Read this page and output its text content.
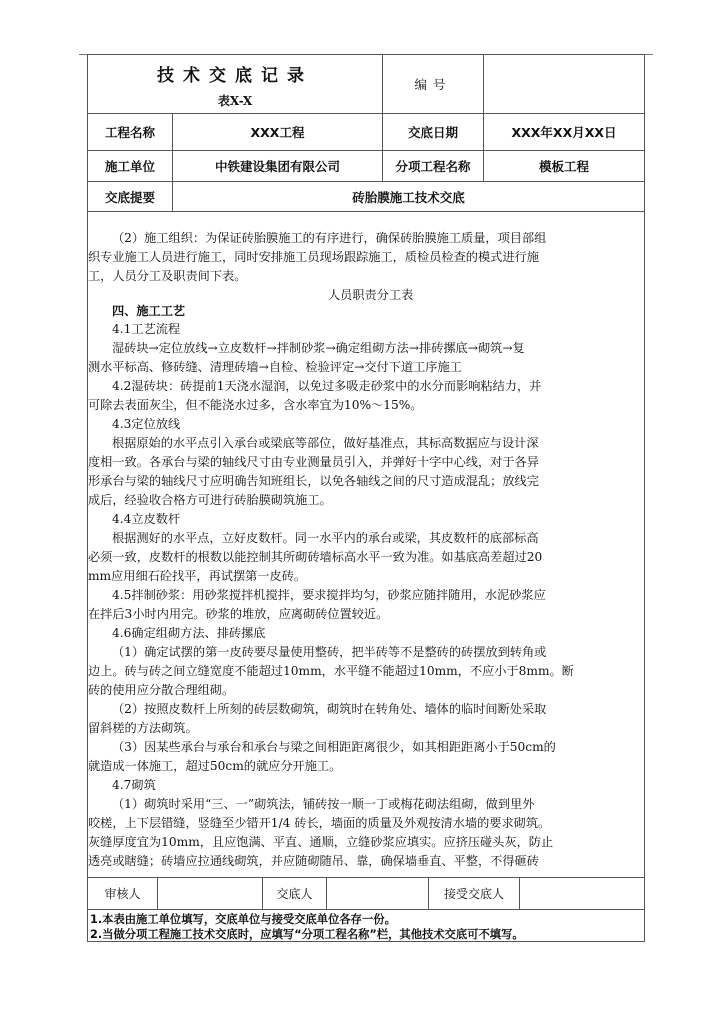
技术交底记录
表X-X
编号
工程名称	XXX工程	交底日期	XXX年XX月XX日
施工单位	中铁建设集团有限公司	分项工程名称	模板工程
交底提要	砖胎膜施工技术交底
（2）施工组织：为保证砖胎膜施工的有序进行，确保砖胎膜施工质量，项目部组
织专业施工人员进行施工，同时安排施工员现场跟踪施工，质检员检查的模式进行施
工，人员分工及职责间下表。
人员职责分工表
四、施工工艺
4.1工艺流程
湿砖块→定位放线→立皮数杆→拌制砂浆→确定组砌方法→排砖摞底→砌筑→复
测水平标高、修砖缝、清理砖墙→自检、检验评定→交付下道工序施工
4.2湿砖块：砖提前1天浇水湿润，以免过多吸走砂浆中的水分而影响粘结力，并
可除去表面灰尘，但不能浇水过多，含水率宜为10%～15%。
4.3定位放线
根据原始的水平点引入承台或梁底等部位，做好基准点，其标高数据应与设计深
度相一致。各承台与梁的轴线尺寸由专业测量员引入，并弹好十字中心线，对于各异
形承台与梁的轴线尺寸应明确告知班组长，以免各轴线之间的尺寸造成混乱；放线完
成后，经验收合格方可进行砖胎膜砌筑施工。
4.4立皮数杆
根据测好的水平点，立好皮数杆。同一水平内的承台或梁，其皮数杆的底部标高
必须一致，皮数杆的根数以能控制其所砌砖墙标高水平一致为准。如基底高差超过20
mm应用细石砼找平，再试摆第一皮砖。
4.5拌制砂浆：用砂浆搅拌机搅拌，要求搅拌均匀，砂浆应随拌随用，水泥砂浆应
在拌后3小时内用完。砂浆的堆放，应离砌砖位置较近。
4.6确定组砌方法、排砖摞底
（1）确定试摆的第一皮砖要尽量使用整砖，把半砖等不是整砖的砖摆放到转角或
边上。砖与砖之间立缝宽度不能超过10mm，水平缝不能超过10mm，不应小于8mm。断
砖的使用应分散合理组砌。
（2）按照皮数杆上所刻的砖层数砌筑，砌筑时在转角处、墙体的临时间断处采取
留斜槎的方法砌筑。
（3）因某些承台与承台和承台与梁之间相距距离很少，如其相距距离小于50cm的
就造成一体施工，超过50cm的就应分开施工。
4.7砌筑
（1）砌筑时采用“三、一”砌筑法，铺砖按一顺一丁或梅花砌法组砌，做到里外
咬槎，上下层错缝，竖缝至少错开1/4 砖长，墙面的质量及外观按清水墙的要求砌筑。
灰缝厚度宜为10mm，且应饱满、平直、通顺，立缝砂浆应填实。应挤压碰头灰，防止
透亮或瞎缝；砖墙应拉通线砌筑，并应随砌随吊、靠，确保墙垂直、平整，不得砸砖
审核人	交底人	接受交底人
1.本表由施工单位填写，交底单位与接受交底单位各存一份。
2.当做分项工程施工技术交底时，应填写“分项工程名称”栏，其他技术交底可不填写。
